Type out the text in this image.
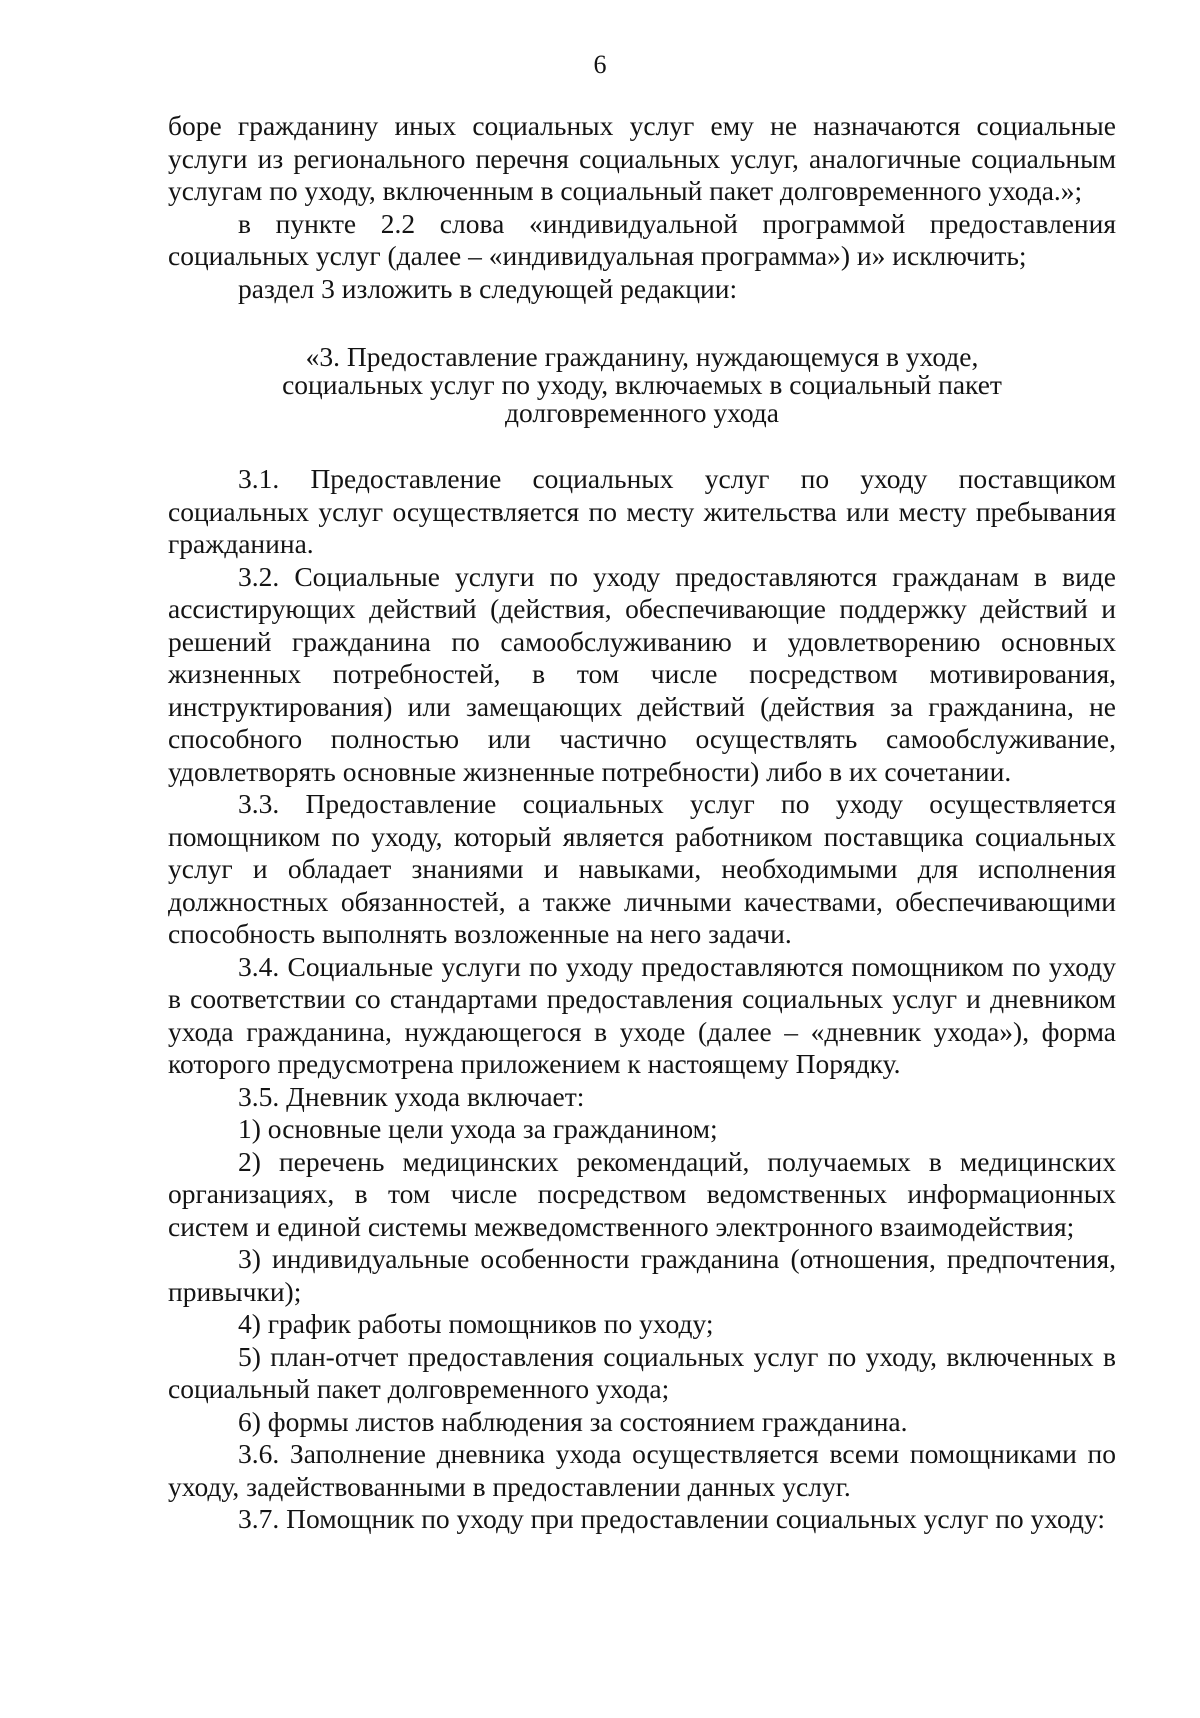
6

боре гражданину иных социальных услуг ему не назначаются социальные услуги из регионального перечня социальных услуг, аналогичные социальным услугам по уходу, включенным в социальный пакет долговременного ухода.»;

в пункте 2.2 слова «индивидуальной программой предоставления социальных услуг (далее – «индивидуальная программа») и» исключить;

раздел 3 изложить в следующей редакции:

«3. Предоставление гражданину, нуждающемуся в уходе,
социальных услуг по уходу, включаемых в социальный пакет
долговременного ухода

3.1. Предоставление социальных услуг по уходу поставщиком социальных услуг осуществляется по месту жительства или месту пребывания гражданина.

3.2. Социальные услуги по уходу предоставляются гражданам в виде ассистирующих действий (действия, обеспечивающие поддержку действий и решений гражданина по самообслуживанию и удовлетворению основных жизненных потребностей, в том числе посредством мотивирования, инструктирования) или замещающих действий (действия за гражданина, не способного полностью или частично осуществлять самообслуживание, удовлетворять основные жизненные потребности) либо в их сочетании.

3.3. Предоставление социальных услуг по уходу осуществляется помощником по уходу, который является работником поставщика социальных услуг и обладает знаниями и навыками, необходимыми для исполнения должностных обязанностей, а также личными качествами, обеспечивающими способность выполнять возложенные на него задачи.

3.4. Социальные услуги по уходу предоставляются помощником по уходу в соответствии со стандартами предоставления социальных услуг и дневником ухода гражданина, нуждающегося в уходе (далее – «дневник ухода»), форма которого предусмотрена приложением к настоящему Порядку.

3.5. Дневник ухода включает:

1) основные цели ухода за гражданином;

2) перечень медицинских рекомендаций, получаемых в медицинских организациях, в том числе посредством ведомственных информационных систем и единой системы межведомственного электронного взаимодействия;

3) индивидуальные особенности гражданина (отношения, предпочтения, привычки);

4) график работы помощников по уходу;

5) план-отчет предоставления социальных услуг по уходу, включенных в социальный пакет долговременного ухода;

6) формы листов наблюдения за состоянием гражданина.

3.6. Заполнение дневника ухода осуществляется всеми помощниками по уходу, задействованными в предоставлении данных услуг.

3.7. Помощник по уходу при предоставлении социальных услуг по уходу:
